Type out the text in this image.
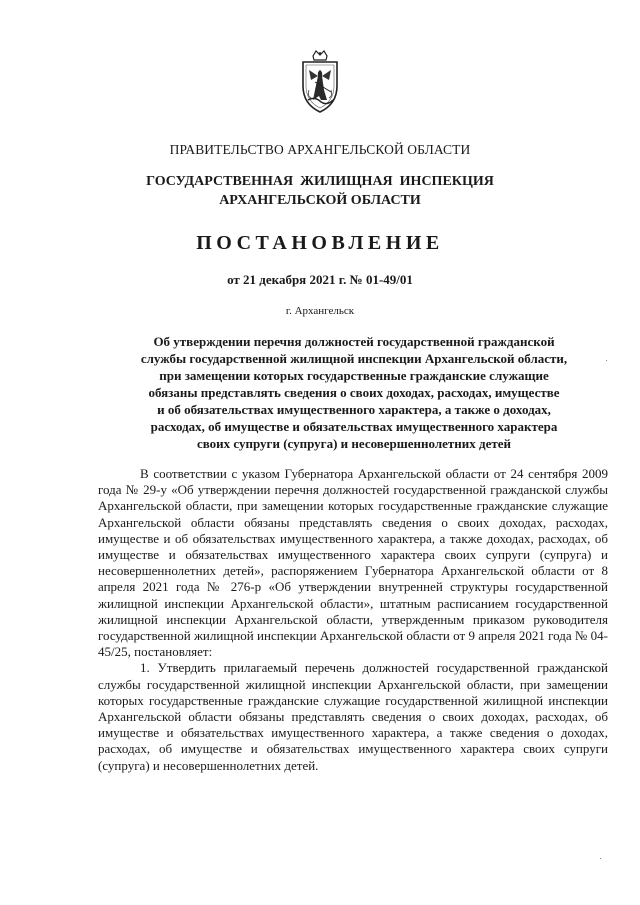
ПРАВИТЕЛЬСТВО АРХАНГЕЛЬСКОЙ ОБЛАСТИ
ГОСУДАРСТВЕННАЯ  ЖИЛИЩНАЯ  ИНСПЕКЦИЯ
АРХАНГЕЛЬСКОЙ ОБЛАСТИ
ПОСТАНОВЛЕНИЕ
от 21 декабря 2021 г. № 01-49/01
г. Архангельск
Об утверждении перечня должностей государственной гражданской
службы государственной жилищной инспекции Архангельской области,
при замещении которых государственные гражданские служащие
обязаны представлять сведения о своих доходах, расходах, имуществе
и об обязательствах имущественного характера, а также о доходах,
расходах, об имуществе и обязательствах имущественного характера
своих супруги (супруга) и несовершеннолетних детей

В соответствии с указом Губернатора Архангельской области от 24 сентября 2009 года № 29-у «Об утверждении перечня должностей государственной гражданской службы Архангельской области, при замещении которых государственные гражданские служащие Архангельской области обязаны представлять сведения о своих доходах, расходах, имуществе и об обязательствах имущественного характера, а также доходах, расходах, об имуществе и обязательствах имущественного характера своих супруги (супруга) и несовершеннолетних детей», распоряжением Губернатора Архангельской области от 8 апреля 2021 года № 276-р «Об утверждении внутренней структуры государственной жилищной инспекции Архангельской области», штатным расписанием государственной жилищной инспекции Архангельской области, утвержденным приказом руководителя государственной жилищной инспекции Архангельской области от 9 апреля 2021 года № 04-45/25, постановляет:

1. Утвердить прилагаемый перечень должностей государственной гражданской службы государственной жилищной инспекции Архангельской области, при замещении которых государственные гражданские служащие государственной жилищной инспекции Архангельской области обязаны представлять сведения о своих доходах, расходах, об имуществе и обязательствах имущественного характера, а также сведения о доходах, расходах, об имуществе и обязательствах имущественного характера своих супруги (супруга) и несовершеннолетних детей.
